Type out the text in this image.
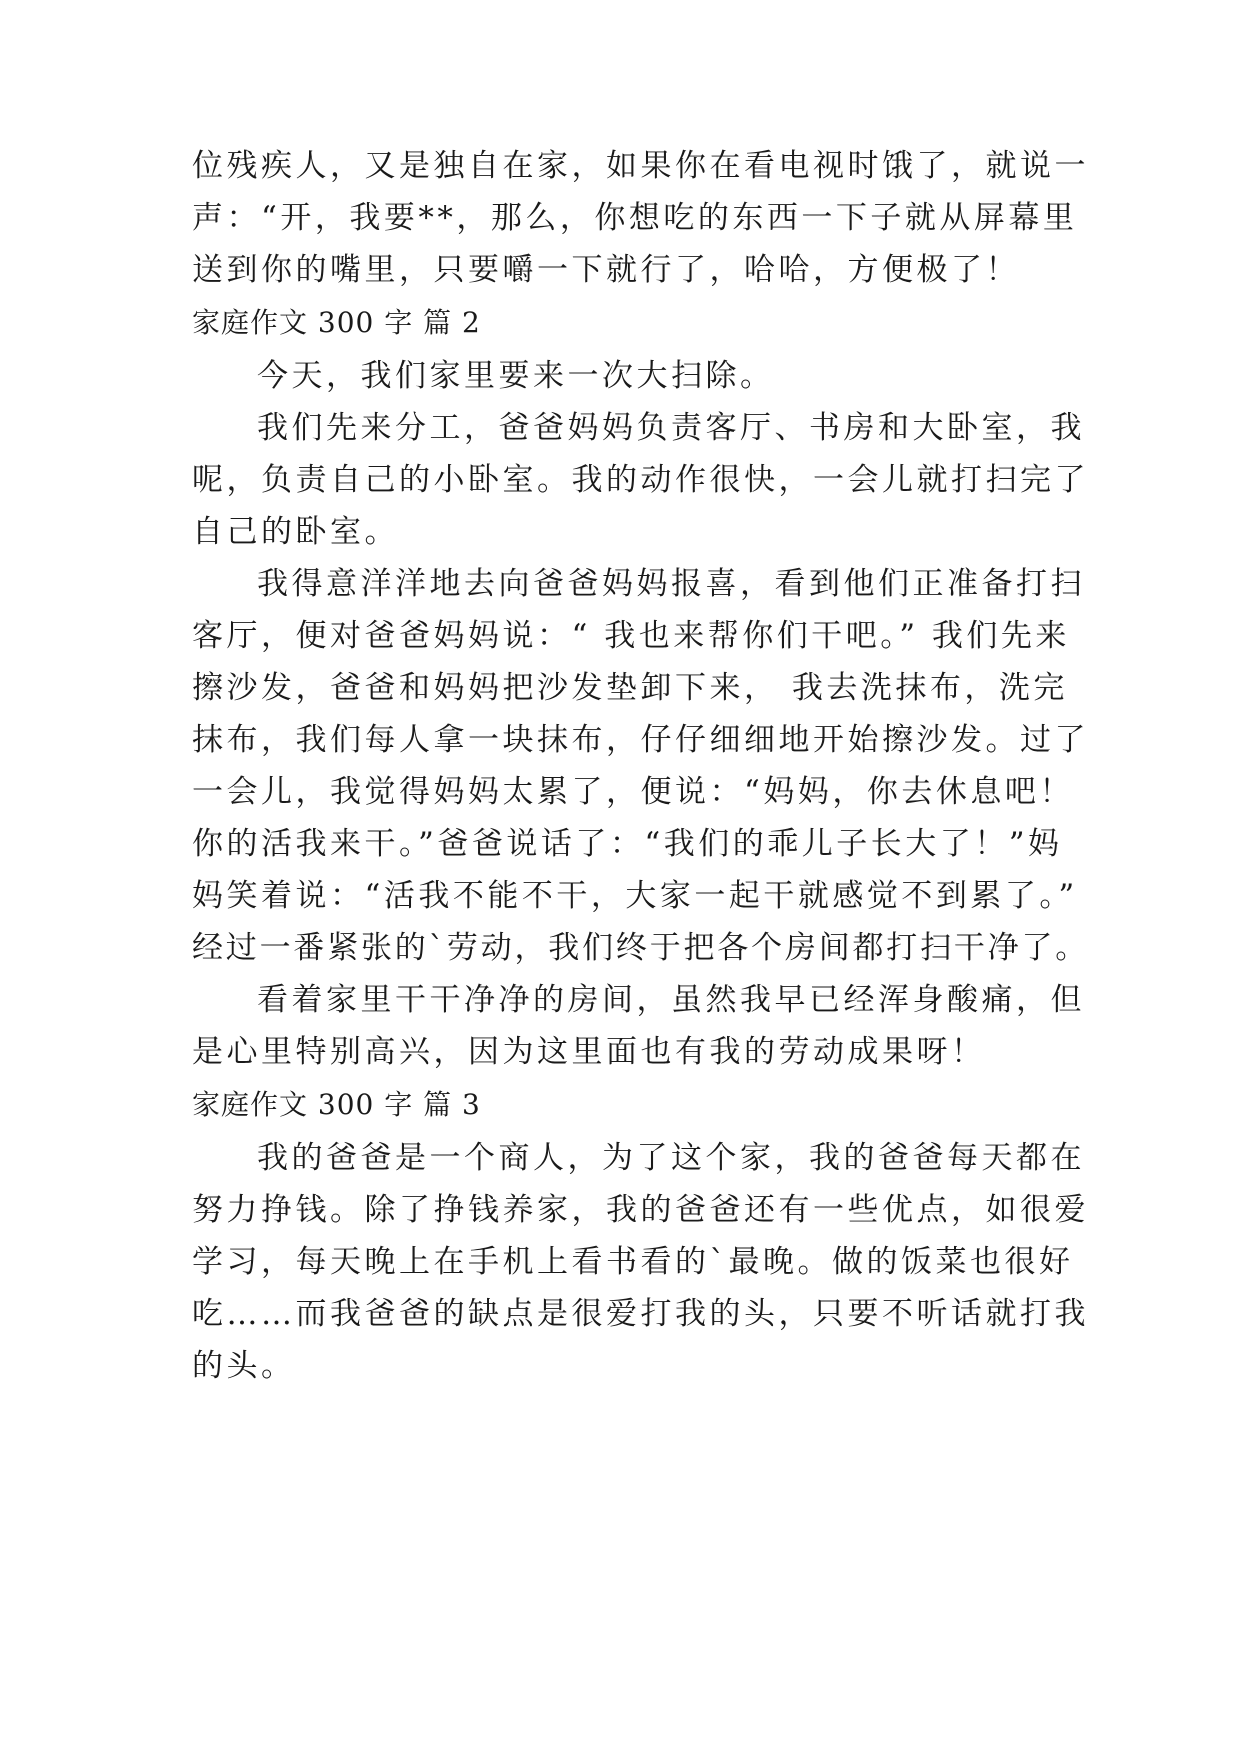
位残疾人，又是独自在家，如果你在看电视时饿了，就说一
声：“开，我要**，那么，你想吃的东西一下子就从屏幕里
送到你的嘴里，只要嚼一下就行了，哈哈，方便极了！
家庭作文 300 字 篇 2
今天，我们家里要来一次大扫除。
我们先来分工，爸爸妈妈负责客厅、书房和大卧室，我
呢，负责自己的小卧室。我的动作很快，一会儿就打扫完了
自己的卧室。
我得意洋洋地去向爸爸妈妈报喜，看到他们正准备打扫
客厅，便对爸爸妈妈说：“ 我也来帮你们干吧。” 我们先来
擦沙发，爸爸和妈妈把沙发垫卸下来， 我去洗抹布，洗完
抹布，我们每人拿一块抹布，仔仔细细地开始擦沙发。过了
一会儿，我觉得妈妈太累了，便说：“妈妈，你去休息吧！
你的活我来干。”爸爸说话了：“我们的乖儿子长大了！”妈
妈笑着说：“活我不能不干，大家一起干就感觉不到累了。”
经过一番紧张的`劳动，我们终于把各个房间都打扫干净了。
看着家里干干净净的房间，虽然我早已经浑身酸痛，但
是心里特别高兴，因为这里面也有我的劳动成果呀！
家庭作文 300 字 篇 3
我的爸爸是一个商人，为了这个家，我的爸爸每天都在
努力挣钱。除了挣钱养家，我的爸爸还有一些优点，如很爱
学习，每天晚上在手机上看书看的`最晚。做的饭菜也很好
吃……而我爸爸的缺点是很爱打我的头，只要不听话就打我
的头。
